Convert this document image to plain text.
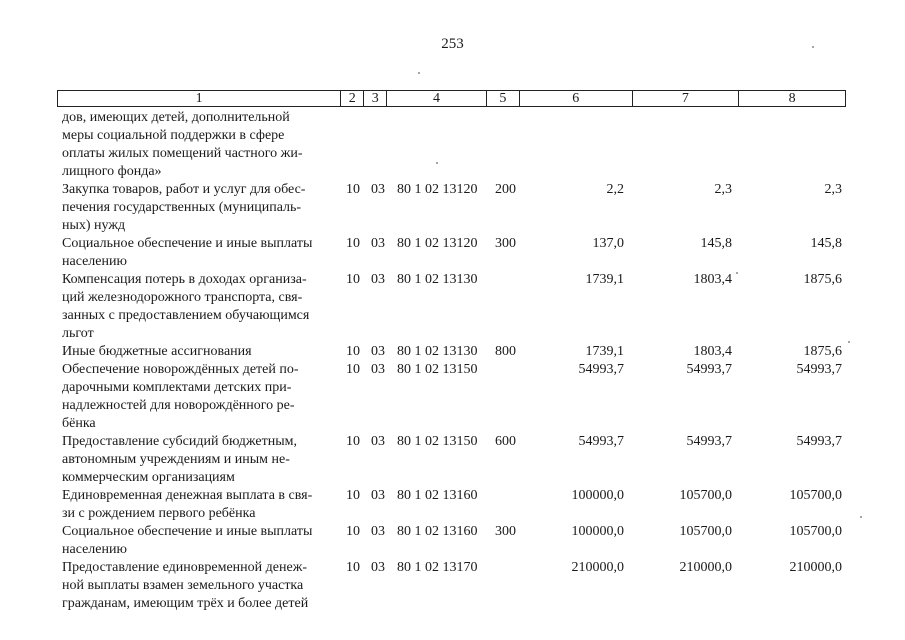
253
1	2	3	4	5	6	7	8
дов, имеющих детей, дополнительной
меры социальной поддержки в сфере
оплаты жилых помещений частного жи-
лищного фонда»
Закупка товаров, работ и услуг для обес-
печения государственных (муниципаль-
ных) нужд
10 03 80 1 02 13120 200	2,2	2,3	2,3
Социальное обеспечение и иные выплаты
населению
10 03 80 1 02 13120 300	137,0	145,8	145,8
Компенсация потерь в доходах организа-
ций железнодорожного транспорта, свя-
занных с предоставлением обучающимся
льгот
10 03 80 1 02 13130	1739,1	1803,4	1875,6
Иные бюджетные ассигнования	10 03 80 1 02 13130 800	1739,1	1803,4	1875,6
Обеспечение новорождённых детей по-
дарочными комплектами детских при-
надлежностей для новорождённого ре-
бёнка
10 03 80 1 02 13150	54993,7	54993,7	54993,7
Предоставление субсидий бюджетным,
автономным учреждениям и иным не-
коммерческим организациям
10 03 80 1 02 13150 600	54993,7	54993,7	54993,7
Единовременная денежная выплата в свя-
зи с рождением первого ребёнка
10 03 80 1 02 13160	100000,0	105700,0	105700,0
Социальное обеспечение и иные выплаты
населению
10 03 80 1 02 13160 300	100000,0	105700,0	105700,0
Предоставление единовременной денеж-
ной выплаты взамен земельного участка
гражданам, имеющим трёх и более детей
10 03 80 1 02 13170	210000,0	210000,0	210000,0
